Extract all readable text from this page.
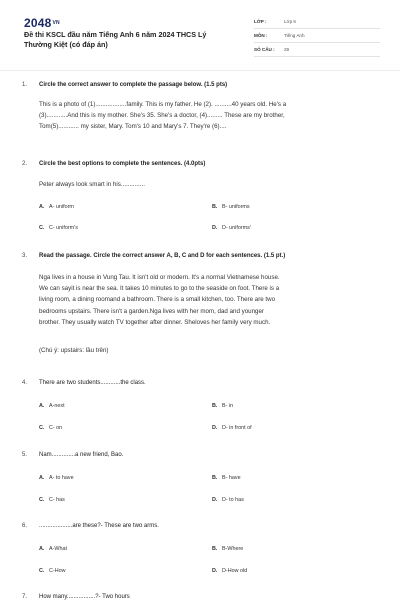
$2048^{VN}$
Đề thi KSCL đầu năm Tiếng Anh 6 năm 2024 THCS Lý Thường Kiệt (có đáp án)
LỚP :	Lớp 6
MÔN :	Tiếng Anh
SỐ CÂU : 29
1. Circle the correct answer to complete the passage below. (1.5 pts)
This is a photo of (1)..................family. This is my father. He (2). ..........40 years old. He's a
(3)............And this is my mother. She's 35. She's a doctor, (4)......... These are my brother,
Tom(5)............ my sister, Mary. Tom's 10 and Mary's 7. They're (6)....
2. Circle the best options to complete the sentences. (4.0pts)
Peter always look smart in his..............
A. A- uniform	B. B- uniforms
C. C- uniform's	D. D- uniforms'
3. Read the passage. Circle the correct answer A, B, C and D for each sentences. (1.5 pt.)
Nga lives in a house in Vung Tau. It isn't old or modern. It's a normal Vietnamese house.
We can sayit is near the sea. It takes 10 minutes to go to the seaside on foot. There is a
living room, a dining roomand a bathroom. There is a small kitchen, too. There are two
bedrooms upstairs. There isn't a garden.Nga lives with her mom, dad and younger
brother. They usually watch TV together after dinner. Sheloves her family very much.
(Chú ý: upstairs: lầu trên)
4. There are two students............the class.
A. A-next	B. B- in
C. C- on	D. D- in front of
5. Nam..............a new friend, Bao.
A. A- to have	B. B- have
C. C- has	D. D- to has
6. ....................are these?- These are two arms.
A. A-What	B. B-Where
C. C-How	D. D-How old
7. How many.................?- Two hours
